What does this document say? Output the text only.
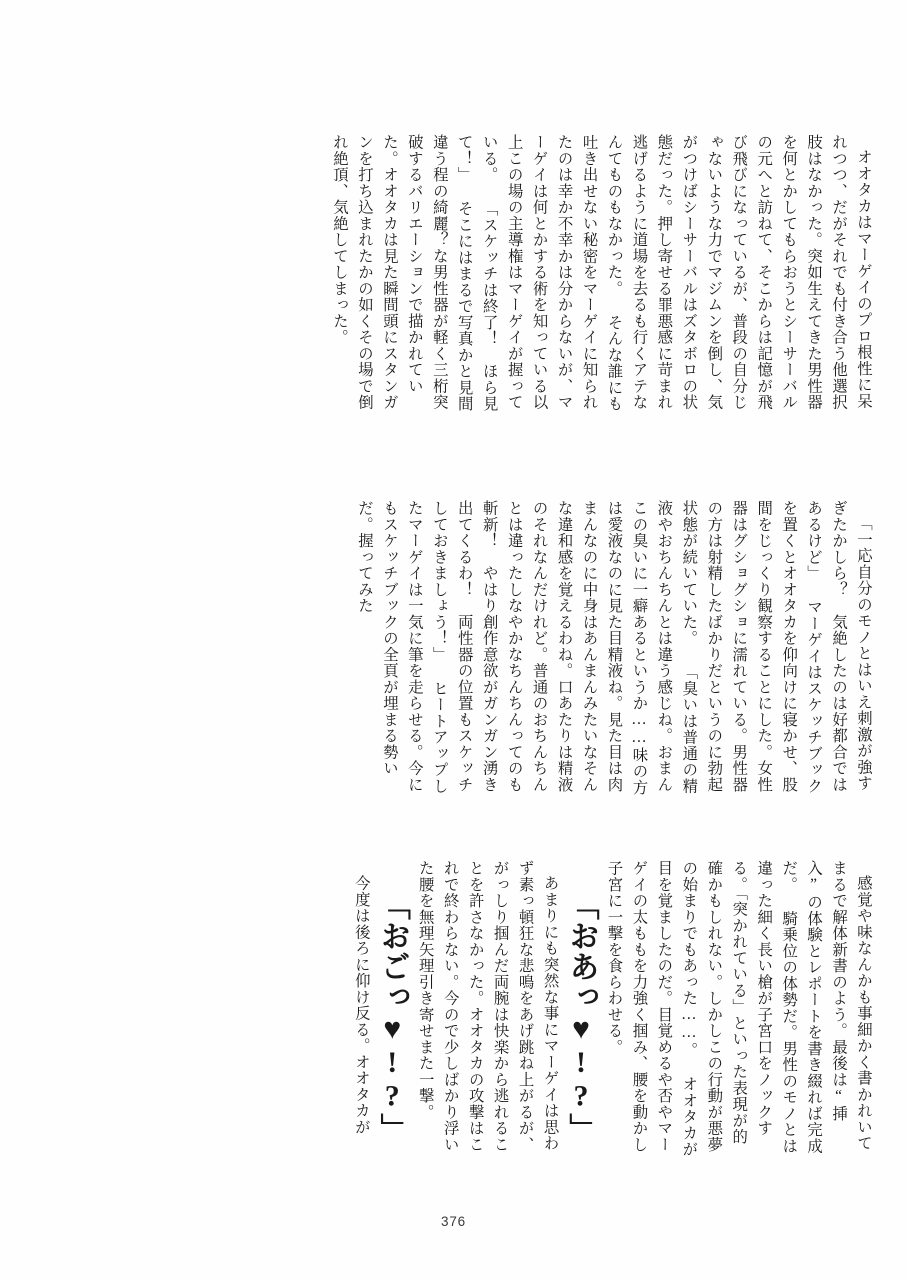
オオタカはマーゲイのプロ根性に呆れつつ、だがそれでも付き合う他選択肢はなかった。突如生えてきた男性器を何とかしてもらおうとシーサーバルの元へと訪ねて、そこからは記憶が飛び飛びになっているが、普段の自分じゃないような力でマジムンを倒し、気がつけばシーサーバルはズタボロの状態だった。押し寄せる罪悪感に苛まれ逃げるように道場を去るも行くアテなんてものもなかった。 そんな誰にも吐き出せない秘密をマーゲイに知られたのは幸か不幸かは分からないが、マーゲイは何とかする術を知っている以上この場の主導権はマーゲイが握っている。 「スケッチは終了！　ほら見て！」 そこにはまるで写真かと見間違う程の綺麗？な男性器が軽く三桁突破するバリエーションで描かれていた。オオタカは見た瞬間頭にスタンガンを打ち込まれたかの如くその場で倒れ絶頂、気絶してしまった。

「一応自分のモノとはいえ刺激が強すぎたかしら？　気絶したのは好都合ではあるけど」 マーゲイはスケッチブックを置くとオオタカを仰向けに寝かせ、股間をじっくり観察することにした。女性器はグショグショに濡れている。男性器の方は射精したばかりだというのに勃起状態が続いていた。 「臭いは普通の精液やおちんちんとは違う感じね。おまんこの臭いに一癖あるというか……味の方は愛液なのに見た目精液ね。見た目は肉まんなのに中身はあんまんみたいなそんな違和感を覚えるわね。口あたりは精液のそれなんだけれど。普通のおちんちんとは違ったしなやかなちんちんってのも斬新！　やはり創作意欲がガンガン湧き出てくるわ！　両性器の位置もスケッチしておきましょう！」 ヒートアップしたマーゲイは一気に筆を走らせる。今にもスケッチブックの全頁が埋まる勢いだ。握ってみた

感覚や味なんかも事細かく書かれいてまるで解体新書のよう。最後は“挿入”の体験とレポートを書き綴れば完成だ。 騎乗位の体勢だ。男性のモノとは違った細く長い槍が子宮口をノックする。「突かれている」といった表現が的確かもしれない。しかしこの行動が悪夢の始まりでもあった……。 オオタカが目を覚ましたのだ。目覚めるや否やマーゲイの太ももを力強く掴み、腰を動かし子宮に一撃を食らわせる。

「おあっ♥!?」

あまりにも突然な事にマーゲイは思わず素っ頓狂な悲鳴をあげ跳ね上がるが、がっしり掴んだ両腕は快楽から逃れることを許さなかった。オオタカの攻撃はこれで終わらない。今ので少しばかり浮いた腰を無理矢理引き寄せまた一撃。

「おごっ♥!?」

今度は後ろに仰け反る。オオタカが

376
